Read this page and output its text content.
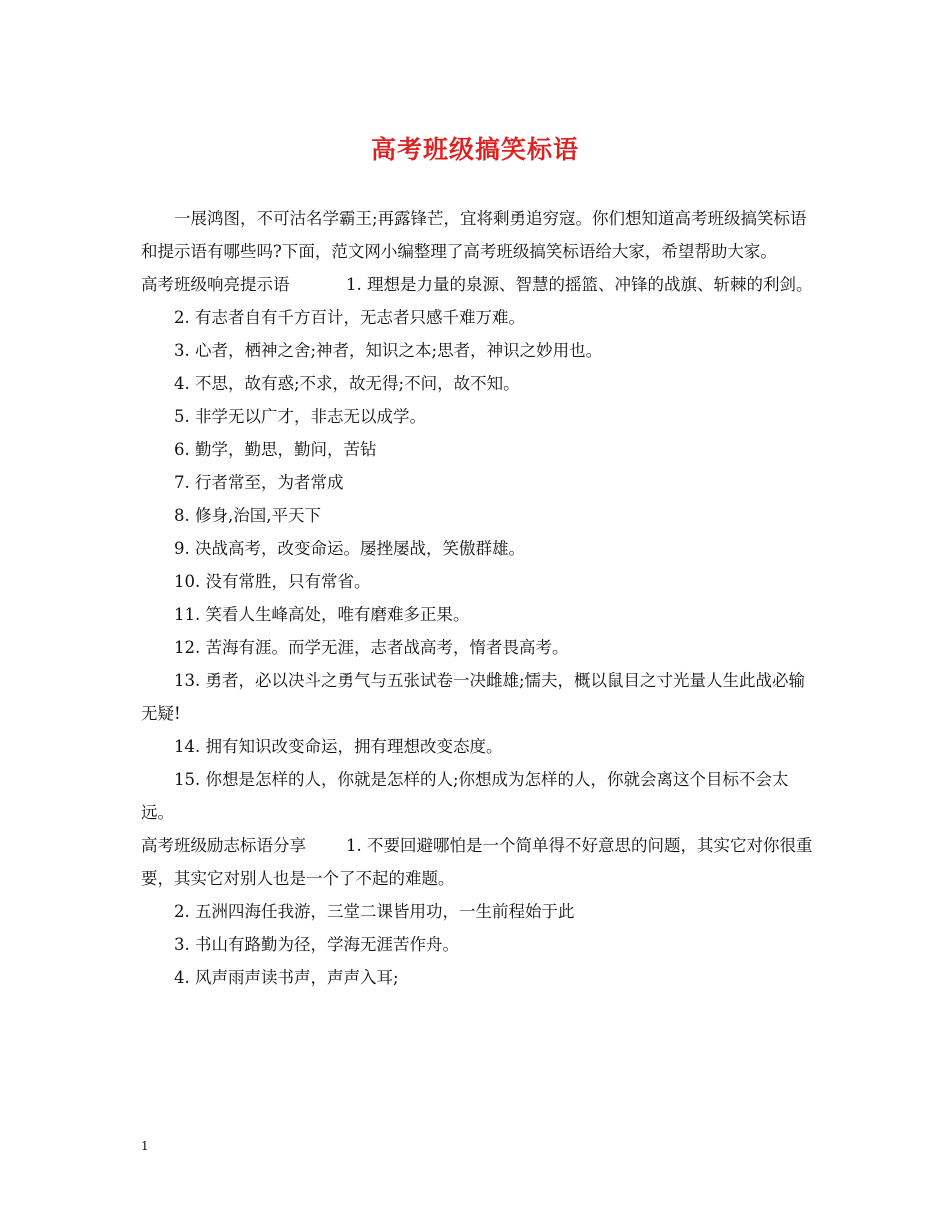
高考班级搞笑标语

一展鸿图，不可沽名学霸王;再露锋芒，宜将剩勇追穷寇。你们想知道高考班级搞笑标语和提示语有哪些吗?下面，范文网小编整理了高考班级搞笑标语给大家，希望帮助大家。

高考班级响亮提示语	1. 理想是力量的泉源、智慧的摇篮、冲锋的战旗、斩棘的利剑。

2. 有志者自有千方百计，无志者只感千难万难。

3. 心者，栖神之舍;神者，知识之本;思者，神识之妙用也。

4. 不思，故有惑;不求，故无得;不问，故不知。

5. 非学无以广才，非志无以成学。

6. 勤学，勤思，勤问，苦钻

7. 行者常至，为者常成

8. 修身,治国,平天下

9. 决战高考，改变命运。屡挫屡战，笑傲群雄。

10. 没有常胜，只有常省。

11. 笑看人生峰高处，唯有磨难多正果。

12. 苦海有涯。而学无涯，志者战高考，惰者畏高考。

13. 勇者，必以决斗之勇气与五张试卷一决雌雄;懦夫，概以鼠目之寸光量人生此战必输无疑!

14. 拥有知识改变命运，拥有理想改变态度。

15. 你想是怎样的人，你就是怎样的人;你想成为怎样的人，你就会离这个目标不会太远。

高考班级励志标语分享 1. 不要回避哪怕是一个简单得不好意思的问题，其实它对你很重要，其实它对别人也是一个了不起的难题。

2. 五洲四海任我游，三堂二课皆用功，一生前程始于此

3. 书山有路勤为径，学海无涯苦作舟。

4. 风声雨声读书声，声声入耳;

1
